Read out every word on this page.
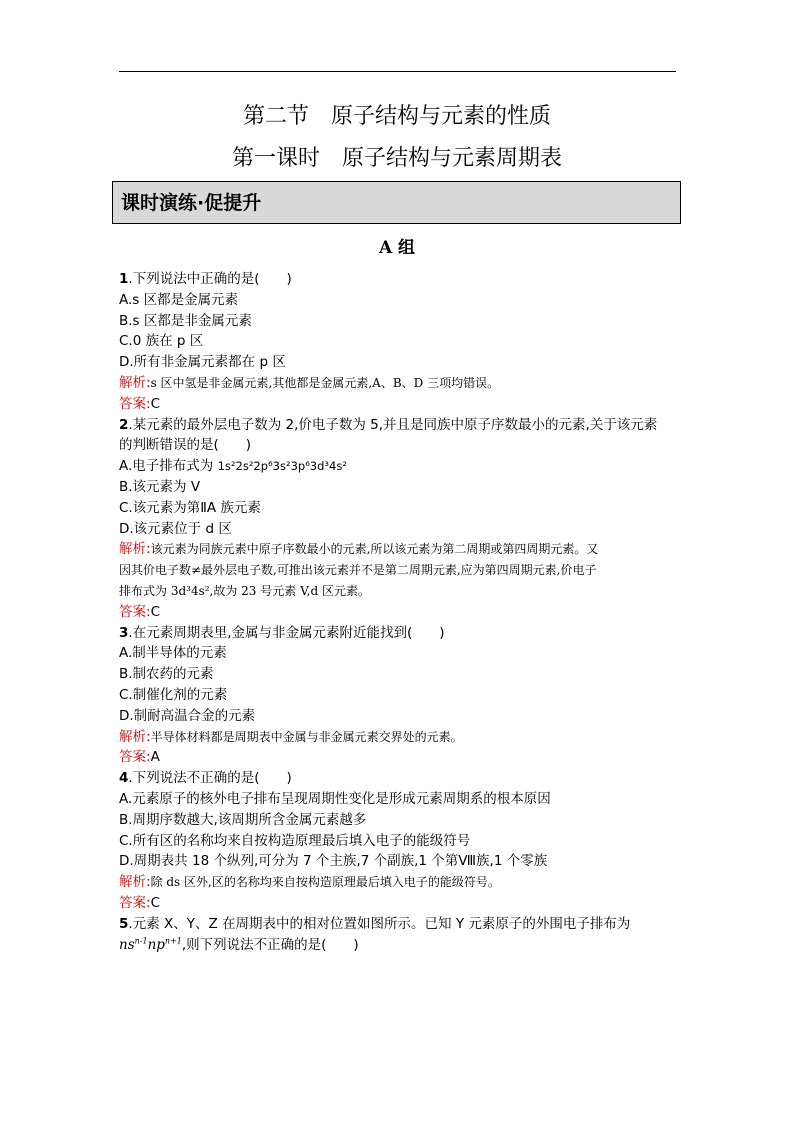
第二节　原子结构与元素的性质
第一课时　原子结构与元素周期表
课时演练·促提升
A 组
1.下列说法中正确的是(　　)
A.s 区都是金属元素
B.s 区都是非金属元素
C.0 族在 p 区
D.所有非金属元素都在 p 区
解析:s 区中氢是非金属元素,其他都是金属元素,A、B、D 三项均错误。
答案:C
2.某元素的最外层电子数为 2,价电子数为 5,并且是同族中原子序数最小的元素,关于该元素
的判断错误的是(　　)
A.电子排布式为 1s²2s²2p⁶3s²3p⁶3d³4s²
B.该元素为 V
C.该元素为第ⅡA 族元素
D.该元素位于 d 区
解析:该元素为同族元素中原子序数最小的元素,所以该元素为第二周期或第四周期元素。又
因其价电子数≠最外层电子数,可推出该元素并不是第二周期元素,应为第四周期元素,价电子
排布式为 3d³4s²,故为 23 号元素 V,d 区元素。
答案:C
3.在元素周期表里,金属与非金属元素附近能找到(　　)
A.制半导体的元素
B.制农药的元素
C.制催化剂的元素
D.制耐高温合金的元素
解析:半导体材料都是周期表中金属与非金属元素交界处的元素。
答案:A
4.下列说法不正确的是(　　)
A.元素原子的核外电子排布呈现周期性变化是形成元素周期系的根本原因
B.周期序数越大,该周期所含金属元素越多
C.所有区的名称均来自按构造原理最后填入电子的能级符号
D.周期表共 18 个纵列,可分为 7 个主族,7 个副族,1 个第Ⅷ族,1 个零族
解析:除 ds 区外,区的名称均来自按构造原理最后填入电子的能级符号。
答案:C
5.元素 X、Y、Z 在周期表中的相对位置如图所示。已知 Y 元素原子的外围电子排布为
$ns^{n-1}np^{n+1}$,则下列说法不正确的是(　　)
